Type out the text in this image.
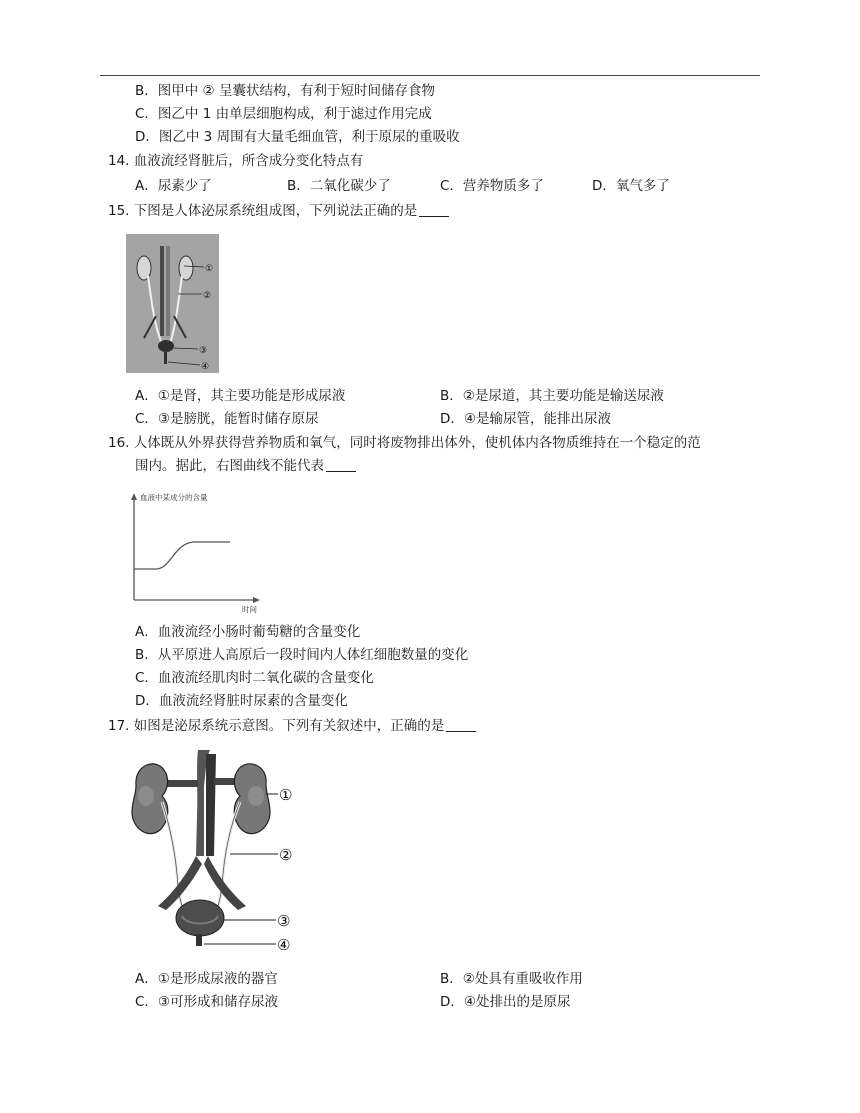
B．图甲中 ② 呈囊状结构，有利于短时间储存食物
C．图乙中 1 由单层细胞构成，利于滤过作用完成
D．图乙中 3 周围有大量毛细血管，利于原尿的重吸收
14. 血液流经肾脏后，所含成分变化特点有
A．尿素少了	B．二氧化碳少了	C．营养物质多了	D．氧气多了
15. 下图是人体泌尿系统组成图，下列说法正确的是
①
②
③
④
A．①是肾，其主要功能是形成尿液	B．②是尿道，其主要功能是输送尿液
C．③是膀胱，能暂时储存原尿	D．④是输尿管，能排出尿液
16. 人体既从外界获得营养物质和氧气，同时将废物排出体外，使机体内各物质维持在一个稳定的范
围内。据此，右图曲线不能代表
血液中某成分的含量
时间
A．血液流经小肠时葡萄糖的含量变化
B．从平原进人高原后一段时间内人体红细胞数量的变化
C．血液流经肌肉时二氧化碳的含量变化
D．血液流经肾脏时尿素的含量变化
17. 如图是泌尿系统示意图。下列有关叙述中，正确的是
①
②
③
④
A．①是形成尿液的器官	B．②处具有重吸收作用
C．③可形成和储存尿液	D．④处排出的是原尿
